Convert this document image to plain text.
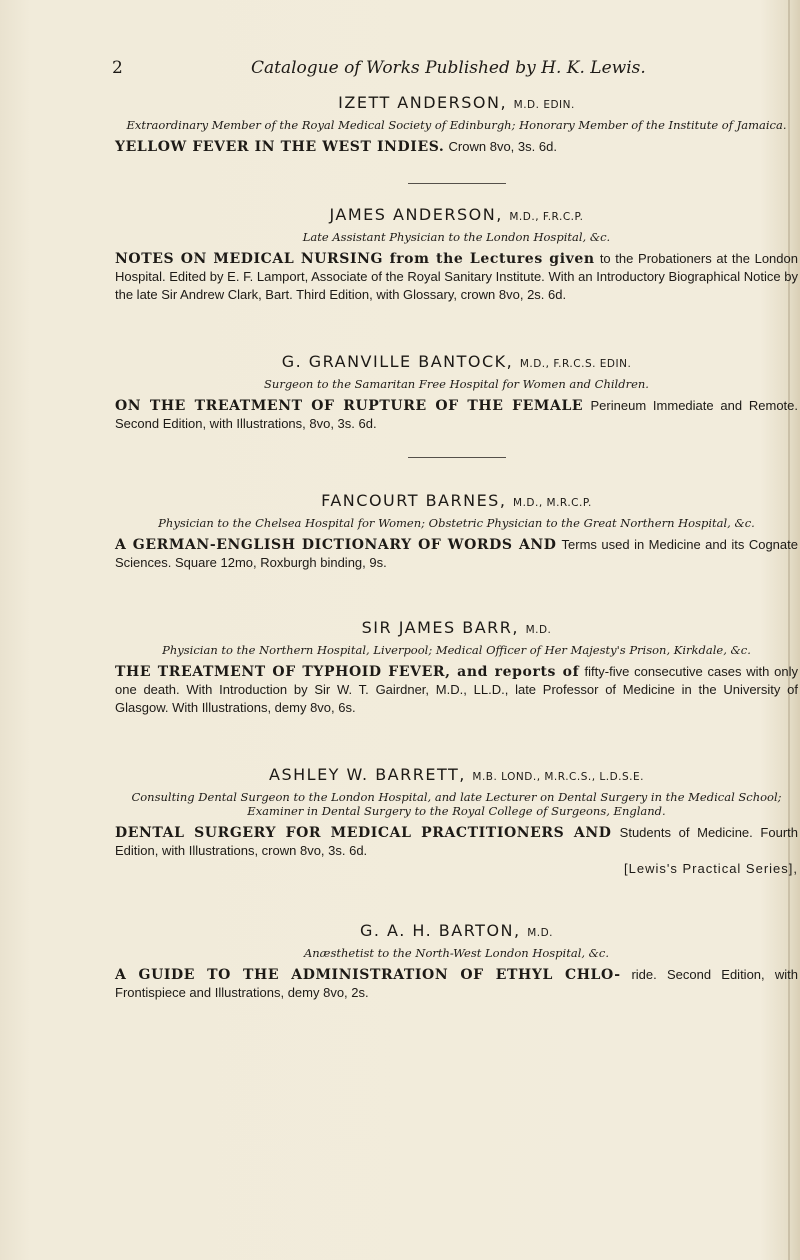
2	Catalogue of Works Published by H. K. Lewis.
IZETT ANDERSON, M.D. EDIN.
Extraordinary Member of the Royal Medical Society of Edinburgh; Honorary Member of the Institute of Jamaica.
YELLOW FEVER IN THE WEST INDIES. Crown 8vo, 3s. 6d.
JAMES ANDERSON, M.D., F.R.C.P.
Late Assistant Physician to the London Hospital, &c.
NOTES ON MEDICAL NURSING from the Lectures given to the Probationers at the London Hospital. Edited by E. F. Lamport, Associate of the Royal Sanitary Institute. With an Introductory Biographical Notice by the late Sir Andrew Clark, Bart. Third Edition, with Glossary, crown 8vo, 2s. 6d.
G. GRANVILLE BANTOCK, M.D., F.R.C.S. EDIN.
Surgeon to the Samaritan Free Hospital for Women and Children.
ON THE TREATMENT OF RUPTURE OF THE FEMALE Perineum Immediate and Remote. Second Edition, with Illustrations, 8vo, 3s. 6d.
FANCOURT BARNES, M.D., M.R.C.P.
Physician to the Chelsea Hospital for Women; Obstetric Physician to the Great Northern Hospital, &c.
A GERMAN-ENGLISH DICTIONARY OF WORDS AND Terms used in Medicine and its Cognate Sciences. Square 12mo, Roxburgh binding, 9s.
SIR JAMES BARR, M.D.
Physician to the Northern Hospital, Liverpool; Medical Officer of Her Majesty's Prison, Kirkdale, &c.
THE TREATMENT OF TYPHOID FEVER, and reports of fifty-five consecutive cases with only one death. With Introduction by Sir W. T. Gairdner, M.D., LL.D., late Professor of Medicine in the University of Glasgow. With Illustrations, demy 8vo, 6s.
ASHLEY W. BARRETT, M.B. LOND., M.R.C.S., L.D.S.E.
Consulting Dental Surgeon to the London Hospital, and late Lecturer on Dental Surgery in the Medical School; Examiner in Dental Surgery to the Royal College of Surgeons, England.
DENTAL SURGERY FOR MEDICAL PRACTITIONERS AND Students of Medicine. Fourth Edition, with Illustrations, crown 8vo, 3s. 6d.
[Lewis's Practical Series],
G. A. H. BARTON, M.D.
Anæsthetist to the North-West London Hospital, &c.
A GUIDE TO THE ADMINISTRATION OF ETHYL CHLO- ride. Second Edition, with Frontispiece and Illustrations, demy 8vo, 2s.
